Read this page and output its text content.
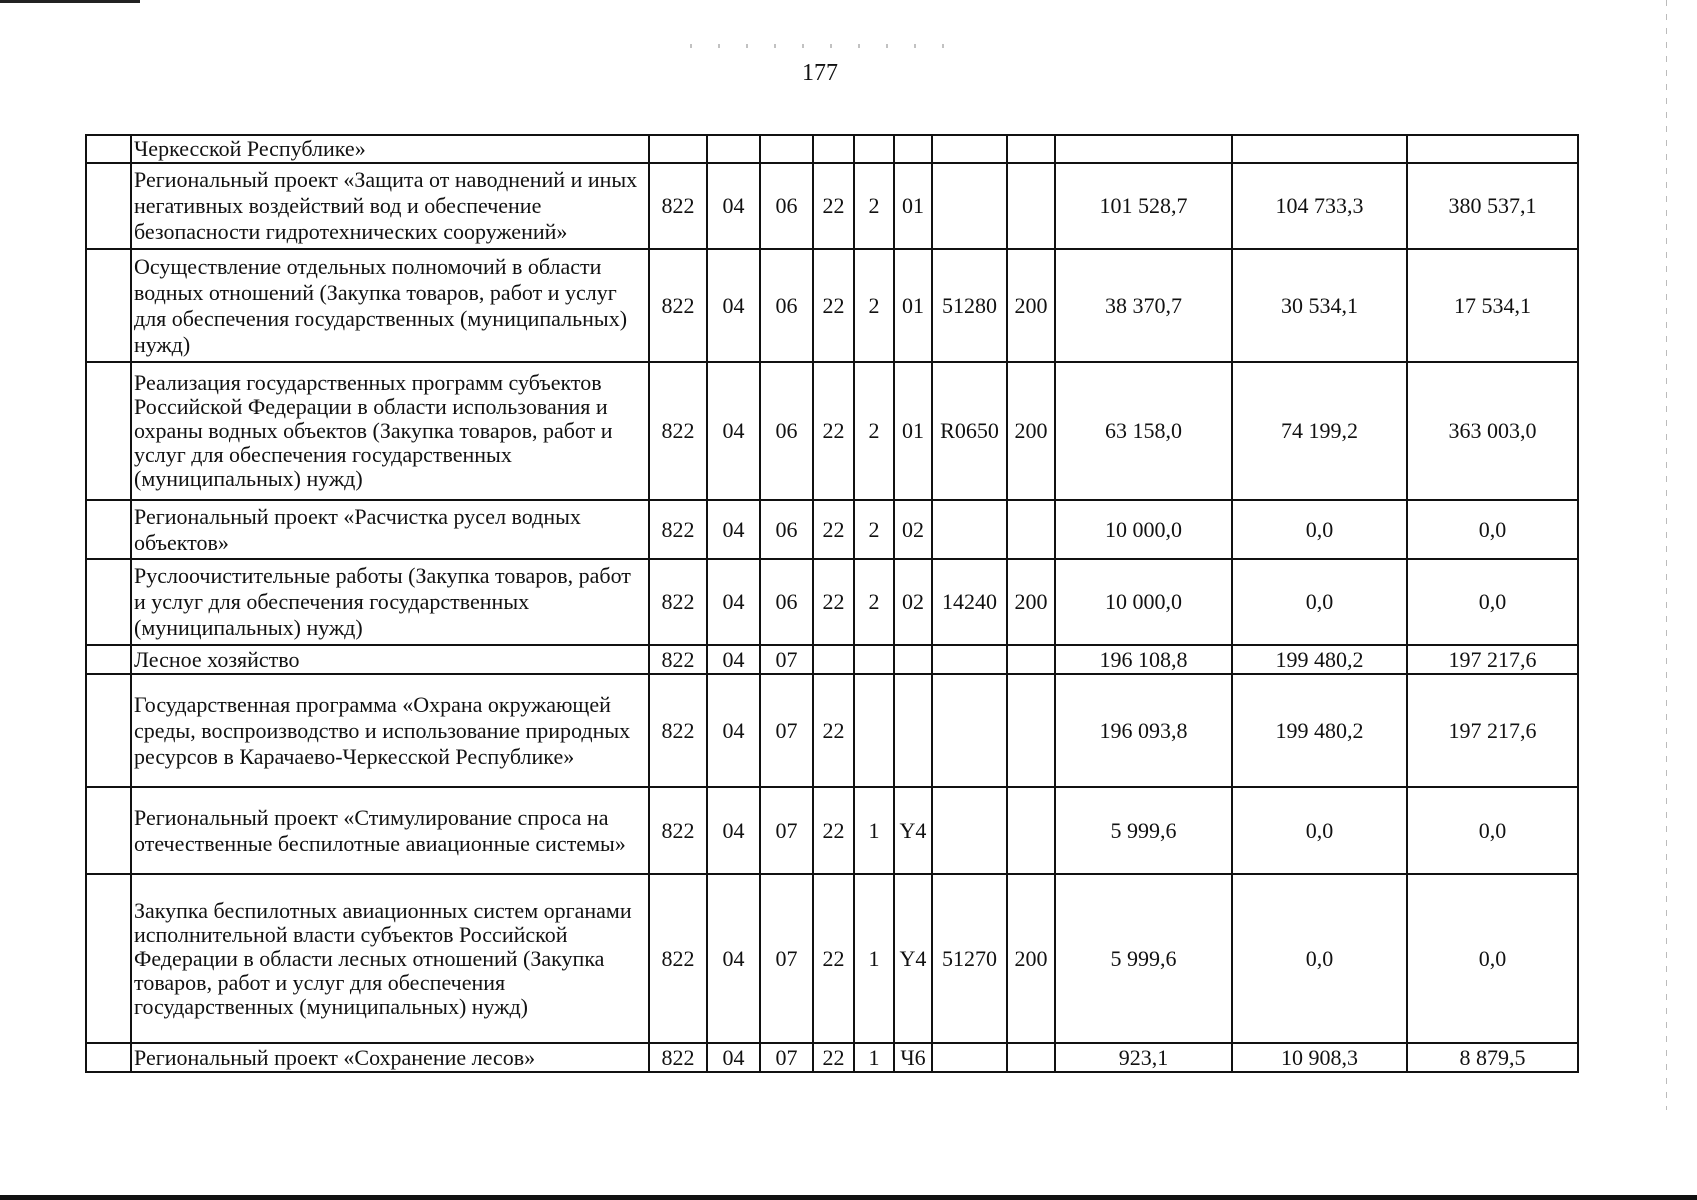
177
	Черкесской Республике»											
	Региональный проект «Защита от наводнений и иных негативных воздействий вод и обеспечение безопасности гидротехнических сооружений»	822	04	06	22	2	01			101 528,7	104 733,3	380 537,1
	Осуществление отдельных полномочий в области водных отношений (Закупка товаров, работ и услуг для обеспечения государственных (муниципальных) нужд)	822	04	06	22	2	01	51280	200	38 370,7	30 534,1	17 534,1
	Реализация государственных программ субъектов Российской Федерации в области использования и охраны водных объектов (Закупка товаров, работ и услуг для обеспечения государственных (муниципальных) нужд)	822	04	06	22	2	01	R0650	200	63 158,0	74 199,2	363 003,0
	Региональный проект «Расчистка русел водных объектов»	822	04	06	22	2	02			10 000,0	0,0	0,0
	Руслоочистительные работы (Закупка товаров, работ и услуг для обеспечения государственных (муниципальных) нужд)	822	04	06	22	2	02	14240	200	10 000,0	0,0	0,0
	Лесное хозяйство	822	04	07						196 108,8	199 480,2	197 217,6
	Государственная программа «Охрана окружающей среды, воспроизводство и использование природных ресурсов в Карачаево-Черкесской Республике»	822	04	07	22					196 093,8	199 480,2	197 217,6
	Региональный проект «Стимулирование спроса на отечественные беспилотные авиационные системы»	822	04	07	22	1	Y4			5 999,6	0,0	0,0
	Закупка беспилотных авиационных систем органами исполнительной власти субъектов Российской Федерации в области лесных отношений (Закупка товаров, работ и услуг для обеспечения государственных (муниципальных) нужд)	822	04	07	22	1	Y4	51270	200	5 999,6	0,0	0,0
	Региональный проект «Сохранение лесов»	822	04	07	22	1	Ч6			923,1	10 908,3	8 879,5
